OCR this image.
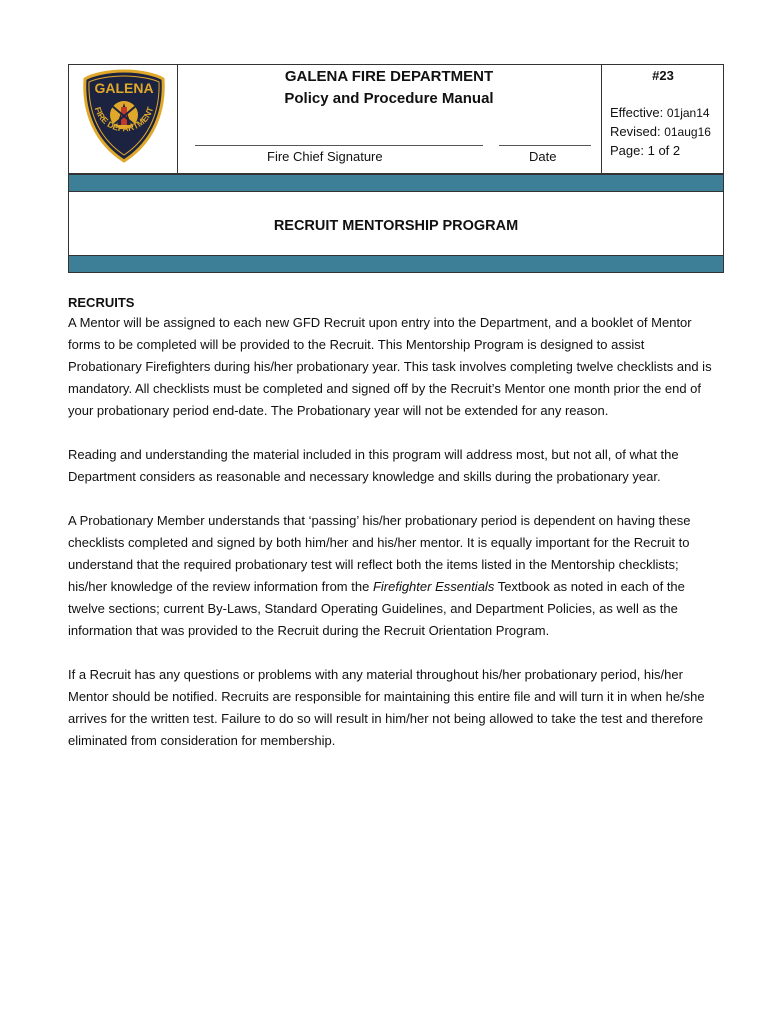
GALENA
FIRE DEPARTMENT
GALENA FIRE DEPARTMENT
Policy and Procedure Manual
Fire Chief Signature	Date
#23
Effective: 01jan14
Revised: 01aug16
Page: 1 of 2
RECRUIT MENTORSHIP PROGRAM
RECRUITS

A Mentor will be assigned to each new GFD Recruit upon entry into the Department, and a booklet of Mentor forms to be completed will be provided to the Recruit. This Mentorship Program is designed to assist Probationary Firefighters during his/her probationary year. This task involves completing twelve checklists and is mandatory. All checklists must be completed and signed off by the Recruit’s Mentor one month prior the end of your probationary period end-date. The Probationary year will not be extended for any reason.

Reading and understanding the material included in this program will address most, but not all, of what the Department considers as reasonable and necessary knowledge and skills during the probationary year.

A Probationary Member understands that ‘passing’ his/her probationary period is dependent on having these checklists completed and signed by both him/her and his/her mentor. It is equally important for the Recruit to understand that the required probationary test will reflect both the items listed in the Mentorship checklists; his/her knowledge of the review information from the Firefighter Essentials Textbook as noted in each of the twelve sections; current By-Laws, Standard Operating Guidelines, and Department Policies, as well as the information that was provided to the Recruit during the Recruit Orientation Program.

If a Recruit has any questions or problems with any material throughout his/her probationary period, his/her Mentor should be notified. Recruits are responsible for maintaining this entire file and will turn it in when he/she arrives for the written test. Failure to do so will result in him/her not being allowed to take the test and therefore eliminated from consideration for membership.
